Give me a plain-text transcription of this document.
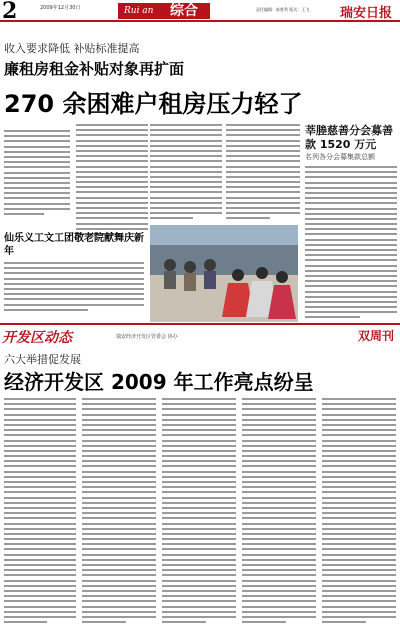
2	2009年12月30日	Rui an 综合	责任编辑：陈胜利 版式：王飞 瑞安日报
收入要求降低 补贴标准提高
廉租房租金补贴对象再扩面
270 余困难户租房压力轻了
莘塍慈善分会募善款 1520 万元
名列各分会募集款总额
仙乐义工文工团敬老院献舞庆新年
开发区动态	瑞安经济开发区管委会 协办	双周刊
六大举措促发展
经济开发区 2009 年工作亮点纷呈
